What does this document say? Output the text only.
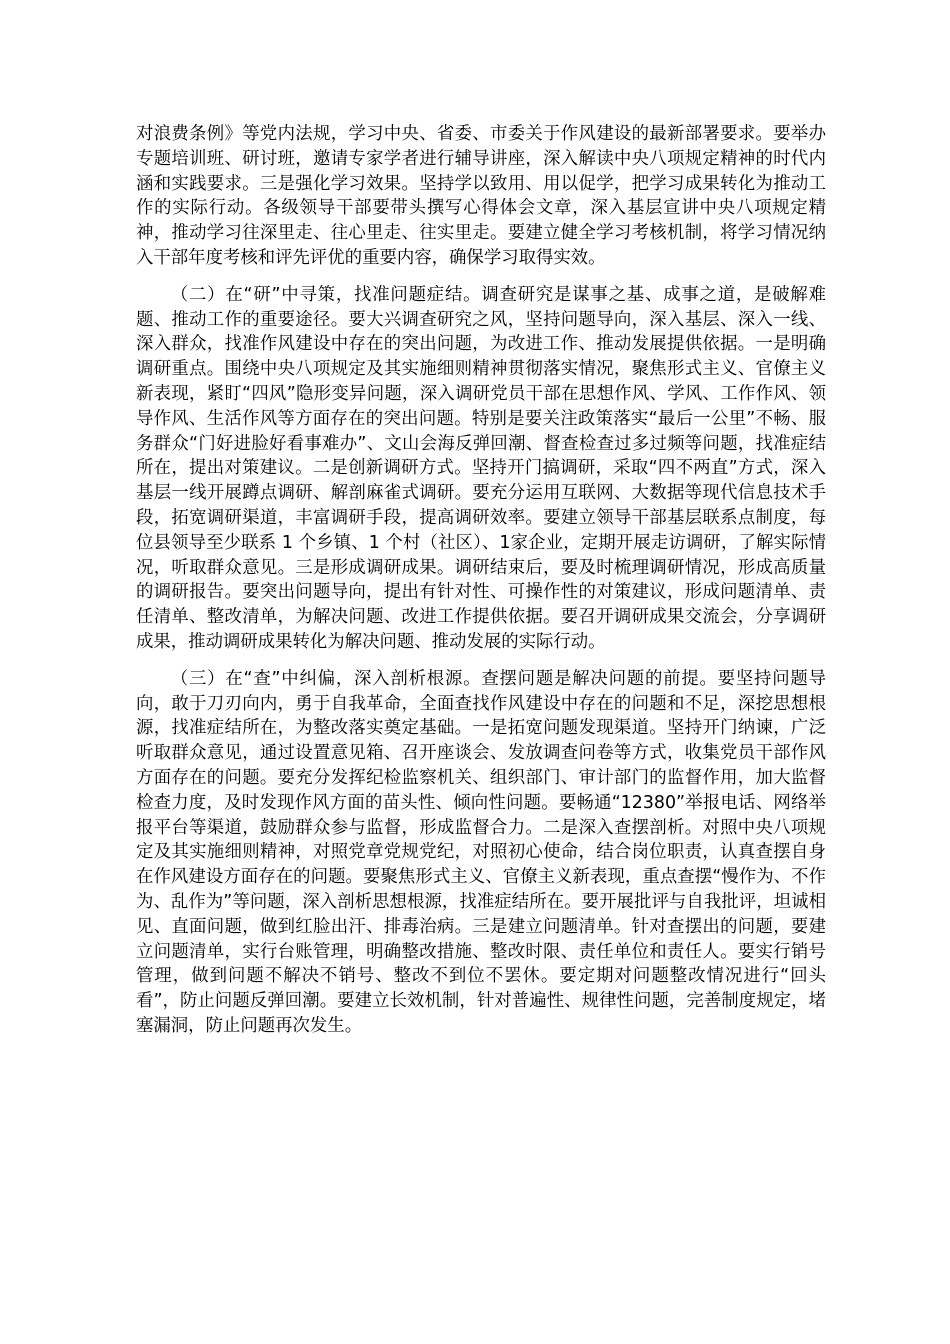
对浪费条例》等党内法规，学习中央、省委、市委关于作风建设的最新部署要求。要举办专题培训班、研讨班，邀请专家学者进行辅导讲座，深入解读中央八项规定精神的时代内涵和实践要求。三是强化学习效果。坚持学以致用、用以促学，把学习成果转化为推动工作的实际行动。各级领导干部要带头撰写心得体会文章，深入基层宣讲中央八项规定精神，推动学习往深里走、往心里走、往实里走。要建立健全学习考核机制，将学习情况纳入干部年度考核和评先评优的重要内容，确保学习取得实效。

（二）在“研”中寻策，找准问题症结。调查研究是谋事之基、成事之道，是破解难题、推动工作的重要途径。要大兴调查研究之风，坚持问题导向，深入基层、深入一线、深入群众，找准作风建设中存在的突出问题，为改进工作、推动发展提供依据。一是明确调研重点。围绕中央八项规定及其实施细则精神贯彻落实情况，聚焦形式主义、官僚主义新表现，紧盯“四风”隐形变异问题，深入调研党员干部在思想作风、学风、工作作风、领导作风、生活作风等方面存在的突出问题。特别是要关注政策落实“最后一公里”不畅、服务群众“门好进脸好看事难办”、文山会海反弹回潮、督查检查过多过频等问题，找准症结所在，提出对策建议。二是创新调研方式。坚持开门搞调研，采取“四不两直”方式，深入基层一线开展蹲点调研、解剖麻雀式调研。要充分运用互联网、大数据等现代信息技术手段，拓宽调研渠道，丰富调研手段，提高调研效率。要建立领导干部基层联系点制度，每位县领导至少联系 1 个乡镇、1 个村（社区）、1家企业，定期开展走访调研，了解实际情况，听取群众意见。三是形成调研成果。调研结束后，要及时梳理调研情况，形成高质量的调研报告。要突出问题导向，提出有针对性、可操作性的对策建议，形成问题清单、责任清单、整改清单，为解决问题、改进工作提供依据。要召开调研成果交流会，分享调研成果，推动调研成果转化为解决问题、推动发展的实际行动。

（三）在“查”中纠偏，深入剖析根源。查摆问题是解决问题的前提。要坚持问题导向，敢于刀刃向内，勇于自我革命，全面查找作风建设中存在的问题和不足，深挖思想根源，找准症结所在，为整改落实奠定基础。一是拓宽问题发现渠道。坚持开门纳谏，广泛听取群众意见，通过设置意见箱、召开座谈会、发放调查问卷等方式，收集党员干部作风方面存在的问题。要充分发挥纪检监察机关、组织部门、审计部门的监督作用，加大监督检查力度，及时发现作风方面的苗头性、倾向性问题。要畅通“12380”举报电话、网络举报平台等渠道，鼓励群众参与监督，形成监督合力。二是深入查摆剖析。对照中央八项规定及其实施细则精神，对照党章党规党纪，对照初心使命，结合岗位职责，认真查摆自身在作风建设方面存在的问题。要聚焦形式主义、官僚主义新表现，重点查摆“慢作为、不作为、乱作为”等问题，深入剖析思想根源，找准症结所在。要开展批评与自我批评，坦诚相见、直面问题，做到红脸出汗、排毒治病。三是建立问题清单。针对查摆出的问题，要建立问题清单，实行台账管理，明确整改措施、整改时限、责任单位和责任人。要实行销号管理，做到问题不解决不销号、整改不到位不罢休。要定期对问题整改情况进行“回头看”，防止问题反弹回潮。要建立长效机制，针对普遍性、规律性问题，完善制度规定，堵塞漏洞，防止问题再次发生。
